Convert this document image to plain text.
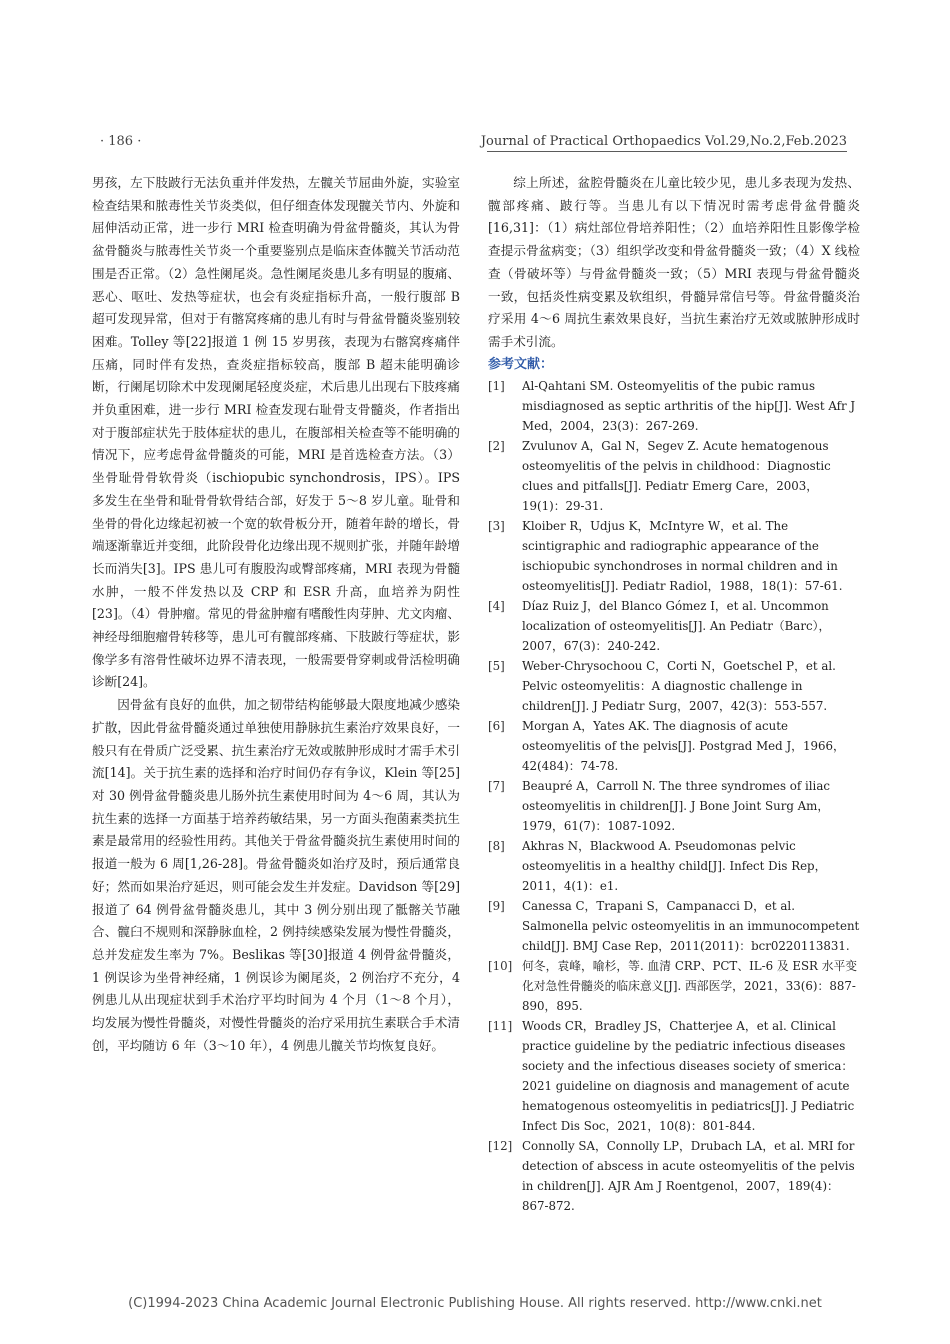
· 186 ·	Journal of Practical Orthopaedics Vol.29,No.2,Feb.2023

男孩，左下肢跛行无法负重并伴发热，左髋关节屈曲外旋，实验室检查结果和脓毒性关节炎类似，但仔细查体发现髋关节内、外旋和屈伸活动正常，进一步行 MRI 检查明确为骨盆骨髓炎，其认为骨盆骨髓炎与脓毒性关节炎一个重要鉴别点是临床查体髋关节活动范围是否正常。（2）急性阑尾炎。急性阑尾炎患儿多有明显的腹痛、恶心、呕吐、发热等症状，也会有炎症指标升高，一般行腹部 B 超可发现异常，但对于有髂窝疼痛的患儿有时与骨盆骨髓炎鉴别较困难。Tolley 等[22]报道 1 例 15 岁男孩，表现为右髂窝疼痛伴压痛，同时伴有发热，查炎症指标较高，腹部 B 超未能明确诊断，行阑尾切除术中发现阑尾轻度炎症，术后患儿出现右下肢疼痛并负重困难，进一步行 MRI 检查发现右耻骨支骨髓炎，作者指出对于腹部症状先于肢体症状的患儿，在腹部相关检查等不能明确的情况下，应考虑骨盆骨髓炎的可能，MRI 是首选检查方法。（3）坐骨耻骨骨软骨炎（ischiopubic synchondrosis，IPS）。IPS 多发生在坐骨和耻骨骨软骨结合部，好发于 5～8 岁儿童。耻骨和坐骨的骨化边缘起初被一个宽的软骨板分开，随着年龄的增长，骨端逐渐靠近并变细，此阶段骨化边缘出现不规则扩张，并随年龄增长而消失[3]。IPS 患儿可有腹股沟或臀部疼痛，MRI 表现为骨髓水肿，一般不伴发热以及 CRP 和 ESR 升高，血培养为阴性[23]。（4）骨肿瘤。常见的骨盆肿瘤有嗜酸性肉芽肿、尤文肉瘤、神经母细胞瘤骨转移等，患儿可有髋部疼痛、下肢跛行等症状，影像学多有溶骨性破坏边界不清表现，一般需要骨穿刺或骨活检明确诊断[24]。

因骨盆有良好的血供，加之韧带结构能够最大限度地减少感染扩散，因此骨盆骨髓炎通过单独使用静脉抗生素治疗效果良好，一般只有在骨质广泛受累、抗生素治疗无效或脓肿形成时才需手术引流[14]。关于抗生素的选择和治疗时间仍存有争议，Klein 等[25]对 30 例骨盆骨髓炎患儿肠外抗生素使用时间为 4～6 周，其认为抗生素的选择一方面基于培养药敏结果，另一方面头孢菌素类抗生素是最常用的经验性用药。其他关于骨盆骨髓炎抗生素使用时间的报道一般为 6 周[1,26-28]。骨盆骨髓炎如治疗及时，预后通常良好；然而如果治疗延迟，则可能会发生并发症。Davidson 等[29]报道了 64 例骨盆骨髓炎患儿，其中 3 例分别出现了骶髂关节融合、髋臼不规则和深静脉血栓，2 例持续感染发展为慢性骨髓炎，总并发症发生率为 7%。Beslikas 等[30]报道 4 例骨盆骨髓炎，1 例误诊为坐骨神经痛，1 例误诊为阑尾炎，2 例治疗不充分，4 例患儿从出现症状到手术治疗平均时间为 4 个月（1～8 个月），均发展为慢性骨髓炎，对慢性骨髓炎的治疗采用抗生素联合手术清创，平均随访 6 年（3～10 年），4 例患儿髋关节均恢复良好。

综上所述，盆腔骨髓炎在儿童比较少见，患儿多表现为发热、髋部疼痛、跛行等。当患儿有以下情况时需考虑骨盆骨髓炎[16,31]：（1）病灶部位骨培养阳性；（2）血培养阳性且影像学检查提示骨盆病变；（3）组织学改变和骨盆骨髓炎一致；（4）X 线检查（骨破坏等）与骨盆骨髓炎一致；（5）MRI 表现与骨盆骨髓炎一致，包括炎性病变累及软组织，骨髓异常信号等。骨盆骨髓炎治疗采用 4～6 周抗生素效果良好，当抗生素治疗无效或脓肿形成时需手术引流。

参考文献：

[1]	Al-Qahtani SM. Osteomyelitis of the pubic ramus misdiagnosed as septic arthritis of the hip[J]. West Afr J Med，2004，23(3)：267-269.
[2]	Zvulunov A，Gal N，Segev Z. Acute hematogenous osteomyelitis of the pelvis in childhood：Diagnostic clues and pitfalls[J]. Pediatr Emerg Care，2003，19(1)：29-31.
[3]	Kloiber R，Udjus K，McIntyre W，et al. The scintigraphic and radiographic appearance of the ischiopubic synchondroses in normal children and in osteomyelitis[J]. Pediatr Radiol，1988，18(1)：57-61.
[4]	Díaz Ruiz J，del Blanco Gómez I，et al. Uncommon localization of osteomyelitis[J]. An Pediatr（Barc），2007，67(3)：240-242.
[5]	Weber-Chrysochoou C，Corti N，Goetschel P，et al. Pelvic osteomyelitis：A diagnostic challenge in children[J]. J Pediatr Surg，2007，42(3)：553-557.
[6]	Morgan A，Yates AK. The diagnosis of acute osteomyelitis of the pelvis[J]. Postgrad Med J，1966，42(484)：74-78.
[7]	Beaupré A，Carroll N. The three syndromes of iliac osteomyelitis in children[J]. J Bone Joint Surg Am，1979，61(7)：1087-1092.
[8]	Akhras N，Blackwood A. Pseudomonas pelvic osteomyelitis in a healthy child[J]. Infect Dis Rep，2011，4(1)：e1.
[9]	Canessa C，Trapani S，Campanacci D，et al. Salmonella pelvic osteomyelitis in an immunocompetent child[J]. BMJ Case Rep，2011(2011)：bcr0220113831.
[10] 何冬，袁峰，喻杉，等. 血清 CRP、PCT、IL-6 及 ESR 水平变化对急性骨髓炎的临床意义[J]. 西部医学，2021，33(6)：887-890，895.
[11] Woods CR，Bradley JS，Chatterjee A，et al. Clinical practice guideline by the pediatric infectious diseases society and the infectious diseases society of smerica：2021 guideline on diagnosis and management of acute hematogenous osteomyelitis in pediatrics[J]. J Pediatric Infect Dis Soc，2021，10(8)：801-844.
[12] Connolly SA，Connolly LP，Drubach LA，et al. MRI for detection of abscess in acute osteomyelitis of the pelvis in children[J]. AJR Am J Roentgenol，2007，189(4)：867-872.
(C)1994-2023 China Academic Journal Electronic Publishing House. All rights reserved. http://www.cnki.net
